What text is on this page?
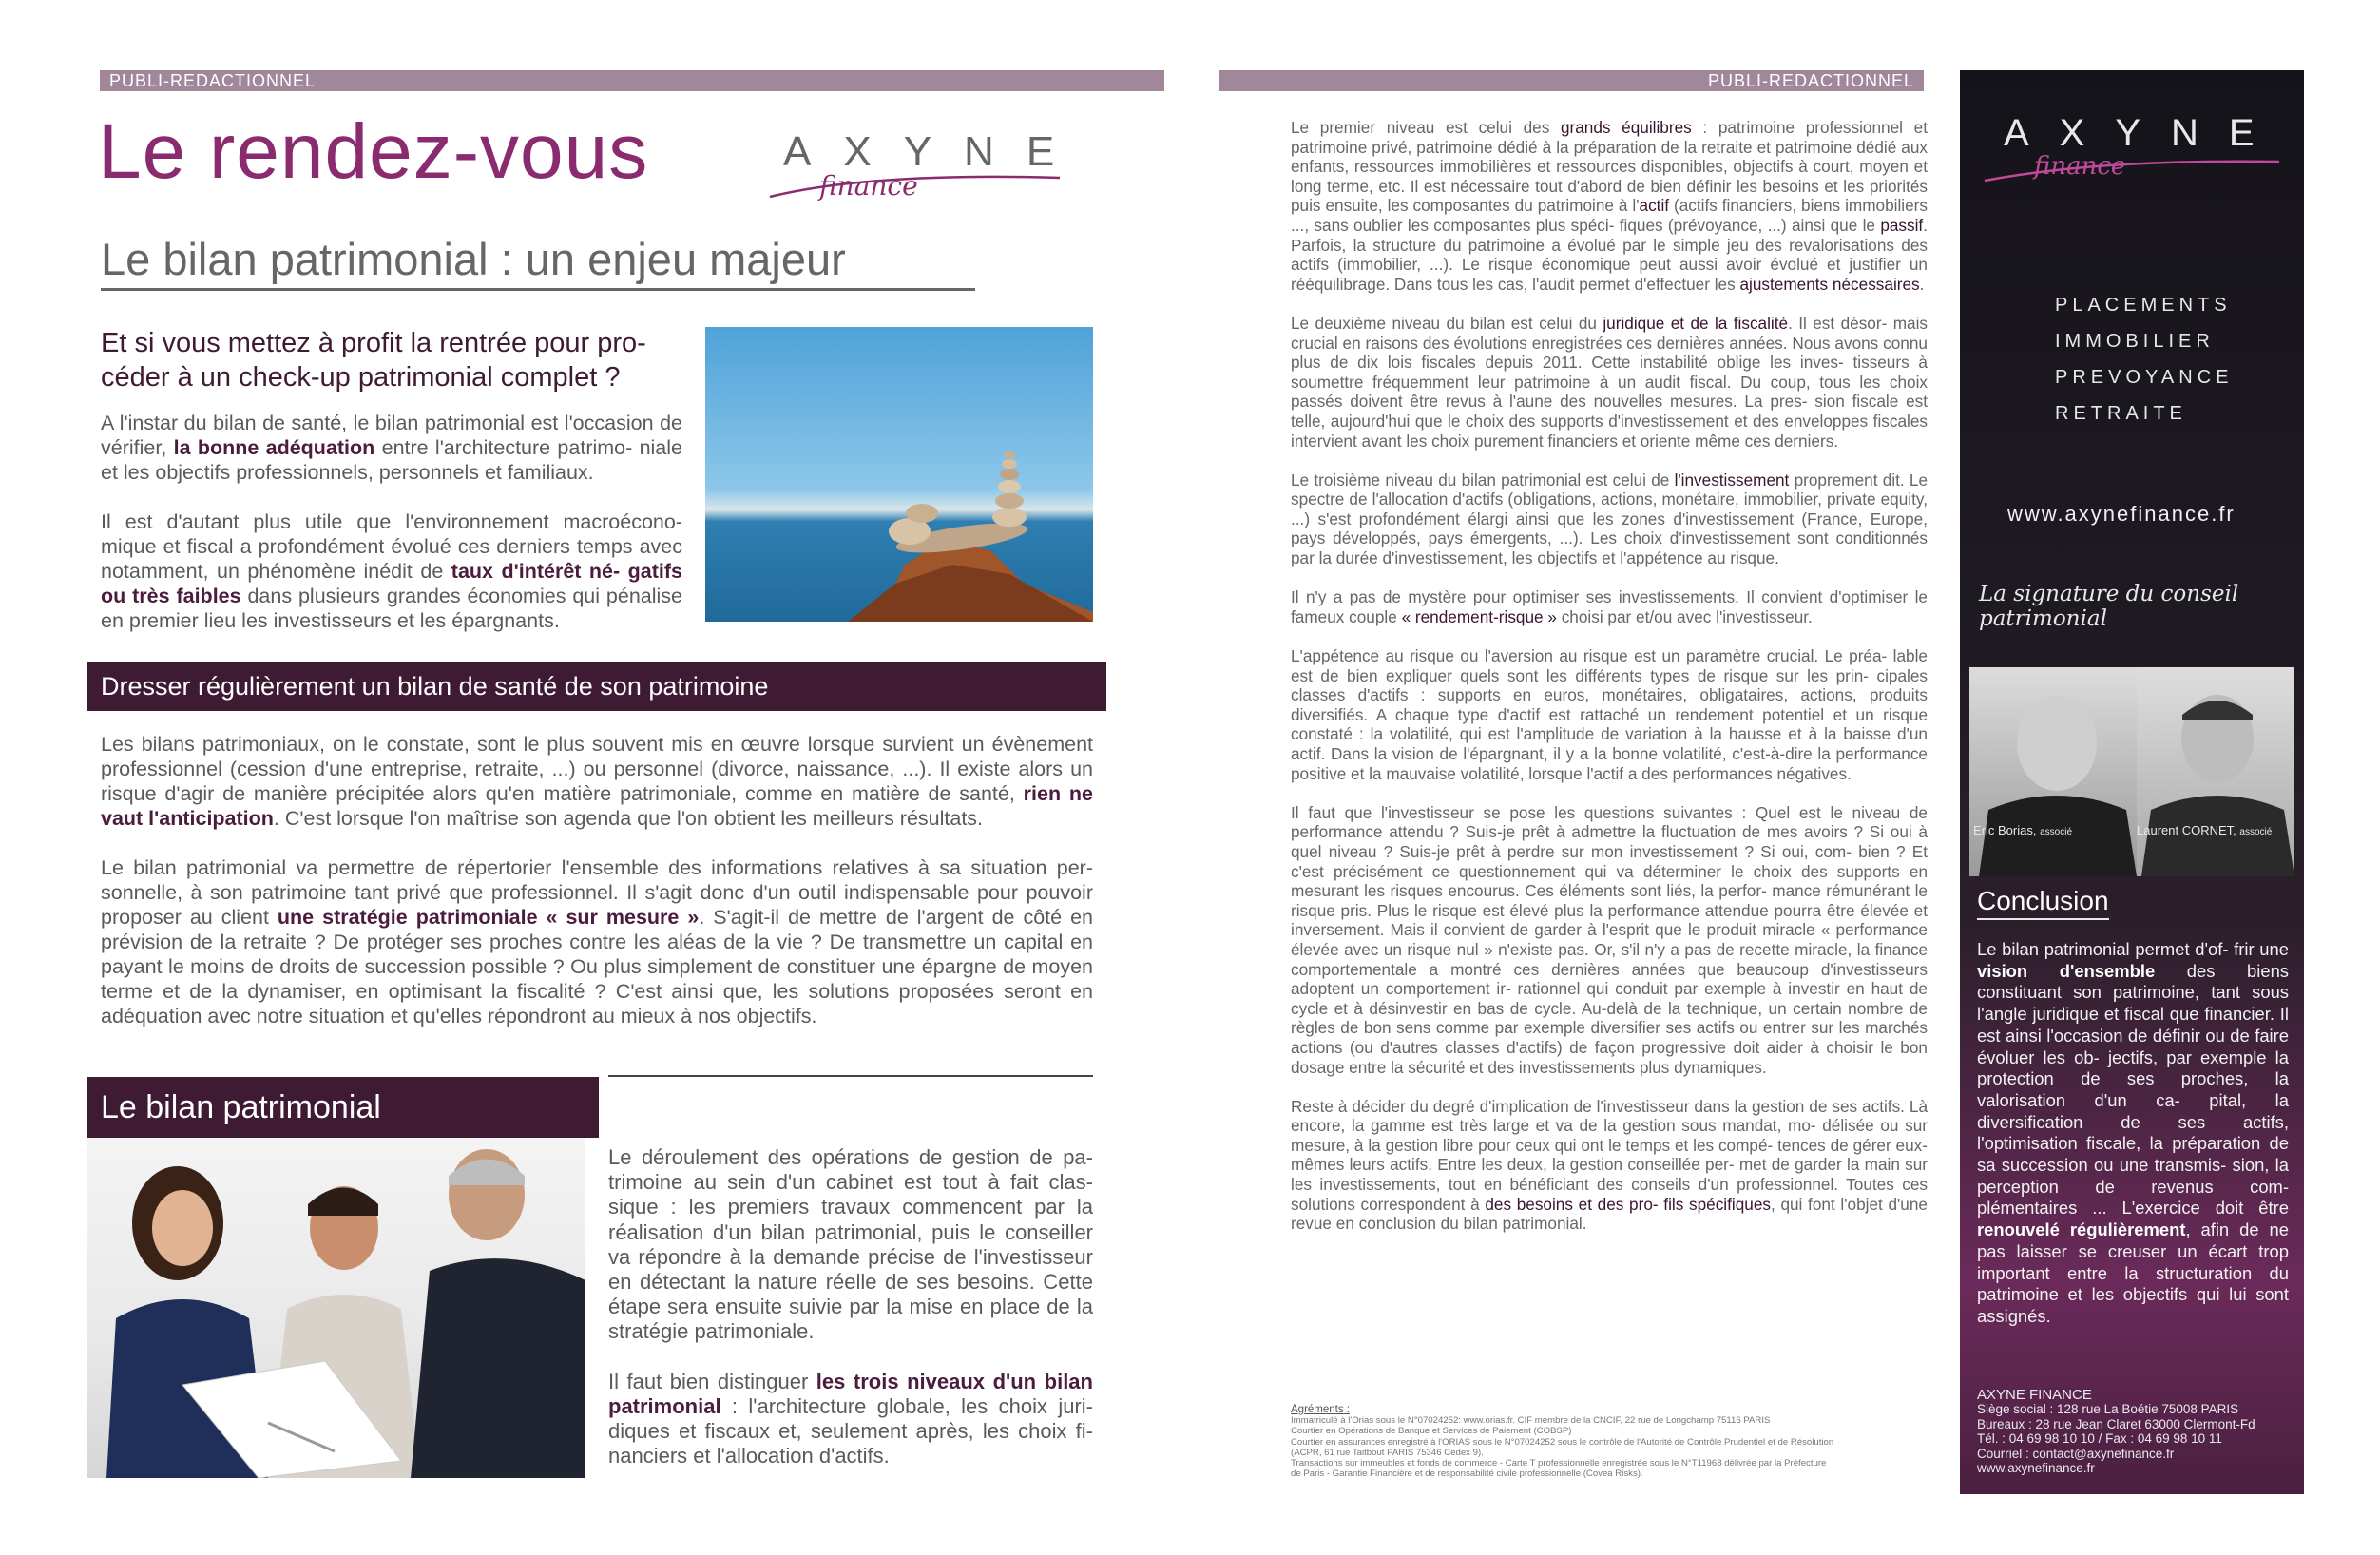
PUBLI-REDACTIONNEL
Le rendez-vous	AXYNE
finance
Le bilan patrimonial : un enjeu majeur
Et si vous mettez à profit la rentrée pour pro- céder à un check-up patrimonial complet ?

A l'instar du bilan de santé, le bilan patrimonial est l'occasion de vérifier, la bonne adéquation entre l'architecture patrimo- niale et les objectifs professionnels, personnels et familiaux.

Il est d'autant plus utile que l'environnement macroécono- mique et fiscal a profondément évolué ces derniers temps avec notamment, un phénomène inédit de taux d'intérêt né- gatifs ou très faibles dans plusieurs grandes économies qui pénalise en premier lieu les investisseurs et les épargnants.

Dresser régulièrement un bilan de santé de son patrimoine

Les bilans patrimoniaux, on le constate, sont le plus souvent mis en œuvre lorsque survient un évènement professionnel (cession d'une entreprise, retraite, ...) ou personnel (divorce, naissance, ...). Il existe alors un risque d'agir de manière précipitée alors qu'en matière patrimoniale, comme en matière de santé, rien ne vaut l'anticipation. C'est lorsque l'on maîtrise son agenda que l'on obtient les meilleurs résultats.

Le bilan patrimonial va permettre de répertorier l'ensemble des informations relatives à sa situation per- sonnelle, à son patrimoine tant privé que professionnel. Il s'agit donc d'un outil indispensable pour pouvoir proposer au client une stratégie patrimoniale « sur mesure ». S'agit-il de mettre de l'argent de côté en prévision de la retraite ? De protéger ses proches contre les aléas de la vie ? De transmettre un capital en payant le moins de droits de succession possible ? Ou plus simplement de constituer une épargne de moyen terme et de la dynamiser, en optimisant la fiscalité ? C'est ainsi que, les solutions proposées seront en adéquation avec notre situation et qu'elles répondront au mieux à nos objectifs.

Le bilan patrimonial

Le déroulement des opérations de gestion de pa- trimoine au sein d'un cabinet est tout à fait clas- sique : les premiers travaux commencent par la réalisation d'un bilan patrimonial, puis le conseiller va répondre à la demande précise de l'investisseur en détectant la nature réelle de ses besoins. Cette étape sera ensuite suivie par la mise en place de la stratégie patrimoniale.

Il faut bien distinguer les trois niveaux d'un bilan patrimonial : l'architecture globale, les choix juri- diques et fiscaux et, seulement après, les choix fi- nanciers et l'allocation d'actifs.

PUBLI-REDACTIONNEL

Le premier niveau est celui des grands équilibres : patrimoine professionnel et patrimoine privé, patrimoine dédié à la préparation de la retraite et patrimoine dédié aux enfants, ressources immobilières et ressources disponibles, objectifs à court, moyen et long terme, etc. Il est nécessaire tout d'abord de bien définir les besoins et les priorités puis ensuite, les composantes du patrimoine à l'actif (actifs financiers, biens immobiliers ..., sans oublier les composantes plus spéci- fiques (prévoyance, ...) ainsi que le passif. Parfois, la structure du patrimoine a évolué par le simple jeu des revalorisations des actifs (immobilier, ...). Le risque économique peut aussi avoir évolué et justifier un rééquilibrage. Dans tous les cas, l'audit permet d'effectuer les ajustements nécessaires.

Le deuxième niveau du bilan est celui du juridique et de la fiscalité. Il est désor- mais crucial en raisons des évolutions enregistrées ces dernières années. Nous avons connu plus de dix lois fiscales depuis 2011. Cette instabilité oblige les inves- tisseurs à soumettre fréquemment leur patrimoine à un audit fiscal. Du coup, tous les choix passés doivent être revus à l'aune des nouvelles mesures. La pres- sion fiscale est telle, aujourd'hui que le choix des supports d'investissement et des enveloppes fiscales intervient avant les choix purement financiers et oriente même ces derniers.

Le troisième niveau du bilan patrimonial est celui de l'investissement proprement dit. Le spectre de l'allocation d'actifs (obligations, actions, monétaire, immobilier, private equity, ...) s'est profondément élargi ainsi que les zones d'investissement (France, Europe, pays développés, pays émergents, ...). Les choix d'investissement sont conditionnés par la durée d'investissement, les objectifs et l'appétence au risque.

Il n'y a pas de mystère pour optimiser ses investissements. Il convient d'optimiser le fameux couple « rendement-risque » choisi par et/ou avec l'investisseur.

L'appétence au risque ou l'aversion au risque est un paramètre crucial. Le préa- lable est de bien expliquer quels sont les différents types de risque sur les prin- cipales classes d'actifs : supports en euros, monétaires, obligataires, actions, produits diversifiés. A chaque type d'actif est rattaché un rendement potentiel et un risque constaté : la volatilité, qui est l'amplitude de variation à la hausse et à la baisse d'un actif. Dans la vision de l'épargnant, il y a la bonne volatilité, c'est-à-dire la performance positive et la mauvaise volatilité, lorsque l'actif a des performances négatives.

Il faut que l'investisseur se pose les questions suivantes : Quel est le niveau de performance attendu ? Suis-je prêt à admettre la fluctuation de mes avoirs ? Si oui à quel niveau ? Suis-je prêt à perdre sur mon investissement ? Si oui, com- bien ? Et c'est précisément ce questionnement qui va déterminer le choix des supports en mesurant les risques encourus. Ces éléments sont liés, la perfor- mance rémunérant le risque pris. Plus le risque est élevé plus la performance attendue pourra être élevée et inversement. Mais il convient de garder à l'esprit que le produit miracle « performance élevée avec un risque nul » n'existe pas. Or, s'il n'y a pas de recette miracle, la finance comportementale a montré ces dernières années que beaucoup d'investisseurs adoptent un comportement ir- rationnel qui conduit par exemple à investir en haut de cycle et à désinvestir en bas de cycle. Au-delà de la technique, un certain nombre de règles de bon sens comme par exemple diversifier ses actifs ou entrer sur les marchés actions (ou d'autres classes d'actifs) de façon progressive doit aider à choisir le bon dosage entre la sécurité et des investissements plus dynamiques.

Reste à décider du degré d'implication de l'investisseur dans la gestion de ses actifs. Là encore, la gamme est très large et va de la gestion sous mandat, mo- délisée ou sur mesure, à la gestion libre pour ceux qui ont le temps et les compé- tences de gérer eux-mêmes leurs actifs. Entre les deux, la gestion conseillée per- met de garder la main sur les investissements, tout en bénéficiant des conseils d'un professionnel. Toutes ces solutions correspondent à des besoins et des pro- fils spécifiques, qui font l'objet d'une revue en conclusion du bilan patrimonial.

Agréments :
Immatriculé à l'Orias sous le N°07024252: www.orias.fr. CIF membre de la CNCIF, 22 rue de Longchamp 75116 PARIS
Courtier en Opérations de Banque et Services de Paiement (COBSP)
Courtier en assurances enregistré à l'ORIAS sous le N°07024252 sous le contrôle de l'Autorité de Contrôle Prudentiel et de Résolution
(ACPR, 61 rue Taitbout PARIS 75346 Cedex 9).
Transactions sur immeubles et fonds de commerce - Carte T professionnelle enregistrée sous le N°T11968 délivrée par la Préfecture
de Paris - Garantie Financière et de responsabilité civile professionnelle (Covea Risks).
AXYNE
finance
PLACEMENTS
IMMOBILIER
PREVOYANCE
RETRAITE
www.axynefinance.fr
La signature du conseil patrimonial
Eric Borias, associé	Laurent CORNET, associé
Conclusion
Le bilan patrimonial permet d'of- frir une vision d'ensemble des biens constituant son patrimoine, tant sous l'angle juridique et fiscal que financier. Il est ainsi l'occasion de définir ou de faire évoluer les ob- jectifs, par exemple la protection de ses proches, la valorisation d'un ca- pital, la diversification de ses actifs, l'optimisation fiscale, la préparation de sa succession ou une transmis- sion, la perception de revenus com- plémentaires ... L'exercice doit être renouvelé régulièrement, afin de ne pas laisser se creuser un écart trop important entre la structuration du patrimoine et les objectifs qui lui sont assignés.
AXYNE FINANCE
Siège social : 128 rue La Boétie 75008 PARIS
Bureaux : 28 rue Jean Claret 63000 Clermont-Fd
Tél. : 04 69 98 10 10 / Fax : 04 69 98 10 11
Courriel : contact@axynefinance.fr
www.axynefinance.fr
